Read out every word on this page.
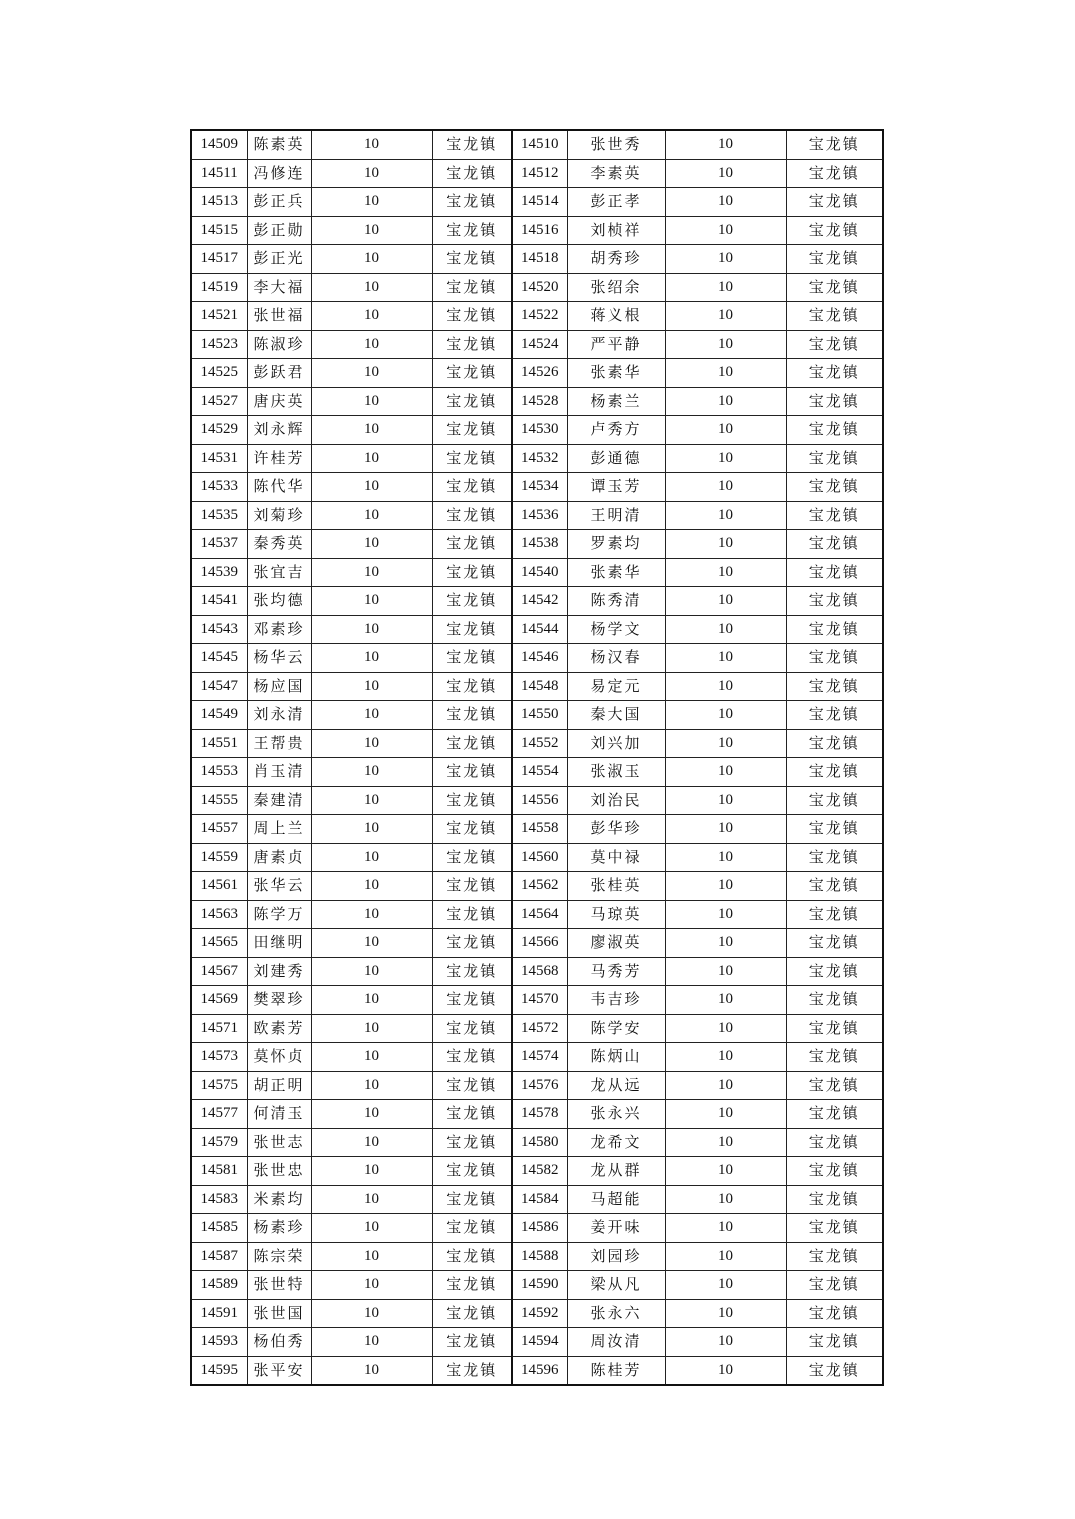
14509	陈素英	10	宝龙镇	14510	张世秀	10	宝龙镇
14511	冯修连	10	宝龙镇	14512	李素英	10	宝龙镇
14513	彭正兵	10	宝龙镇	14514	彭正孝	10	宝龙镇
14515	彭正勋	10	宝龙镇	14516	刘桢祥	10	宝龙镇
14517	彭正光	10	宝龙镇	14518	胡秀珍	10	宝龙镇
14519	李大福	10	宝龙镇	14520	张绍余	10	宝龙镇
14521	张世福	10	宝龙镇	14522	蒋义根	10	宝龙镇
14523	陈淑珍	10	宝龙镇	14524	严平静	10	宝龙镇
14525	彭跃君	10	宝龙镇	14526	张素华	10	宝龙镇
14527	唐庆英	10	宝龙镇	14528	杨素兰	10	宝龙镇
14529	刘永辉	10	宝龙镇	14530	卢秀方	10	宝龙镇
14531	许桂芳	10	宝龙镇	14532	彭通德	10	宝龙镇
14533	陈代华	10	宝龙镇	14534	谭玉芳	10	宝龙镇
14535	刘菊珍	10	宝龙镇	14536	王明清	10	宝龙镇
14537	秦秀英	10	宝龙镇	14538	罗素均	10	宝龙镇
14539	张宜吉	10	宝龙镇	14540	张素华	10	宝龙镇
14541	张均德	10	宝龙镇	14542	陈秀清	10	宝龙镇
14543	邓素珍	10	宝龙镇	14544	杨学文	10	宝龙镇
14545	杨华云	10	宝龙镇	14546	杨汉春	10	宝龙镇
14547	杨应国	10	宝龙镇	14548	易定元	10	宝龙镇
14549	刘永清	10	宝龙镇	14550	秦大国	10	宝龙镇
14551	王帮贵	10	宝龙镇	14552	刘兴加	10	宝龙镇
14553	肖玉清	10	宝龙镇	14554	张淑玉	10	宝龙镇
14555	秦建清	10	宝龙镇	14556	刘治民	10	宝龙镇
14557	周上兰	10	宝龙镇	14558	彭华珍	10	宝龙镇
14559	唐素贞	10	宝龙镇	14560	莫中禄	10	宝龙镇
14561	张华云	10	宝龙镇	14562	张桂英	10	宝龙镇
14563	陈学万	10	宝龙镇	14564	马琼英	10	宝龙镇
14565	田继明	10	宝龙镇	14566	廖淑英	10	宝龙镇
14567	刘建秀	10	宝龙镇	14568	马秀芳	10	宝龙镇
14569	樊翠珍	10	宝龙镇	14570	韦吉珍	10	宝龙镇
14571	欧素芳	10	宝龙镇	14572	陈学安	10	宝龙镇
14573	莫怀贞	10	宝龙镇	14574	陈炳山	10	宝龙镇
14575	胡正明	10	宝龙镇	14576	龙从远	10	宝龙镇
14577	何清玉	10	宝龙镇	14578	张永兴	10	宝龙镇
14579	张世志	10	宝龙镇	14580	龙希文	10	宝龙镇
14581	张世忠	10	宝龙镇	14582	龙从群	10	宝龙镇
14583	米素均	10	宝龙镇	14584	马超能	10	宝龙镇
14585	杨素珍	10	宝龙镇	14586	姜开味	10	宝龙镇
14587	陈宗荣	10	宝龙镇	14588	刘园珍	10	宝龙镇
14589	张世特	10	宝龙镇	14590	梁从凡	10	宝龙镇
14591	张世国	10	宝龙镇	14592	张永六	10	宝龙镇
14593	杨伯秀	10	宝龙镇	14594	周汝清	10	宝龙镇
14595	张平安	10	宝龙镇	14596	陈桂芳	10	宝龙镇
